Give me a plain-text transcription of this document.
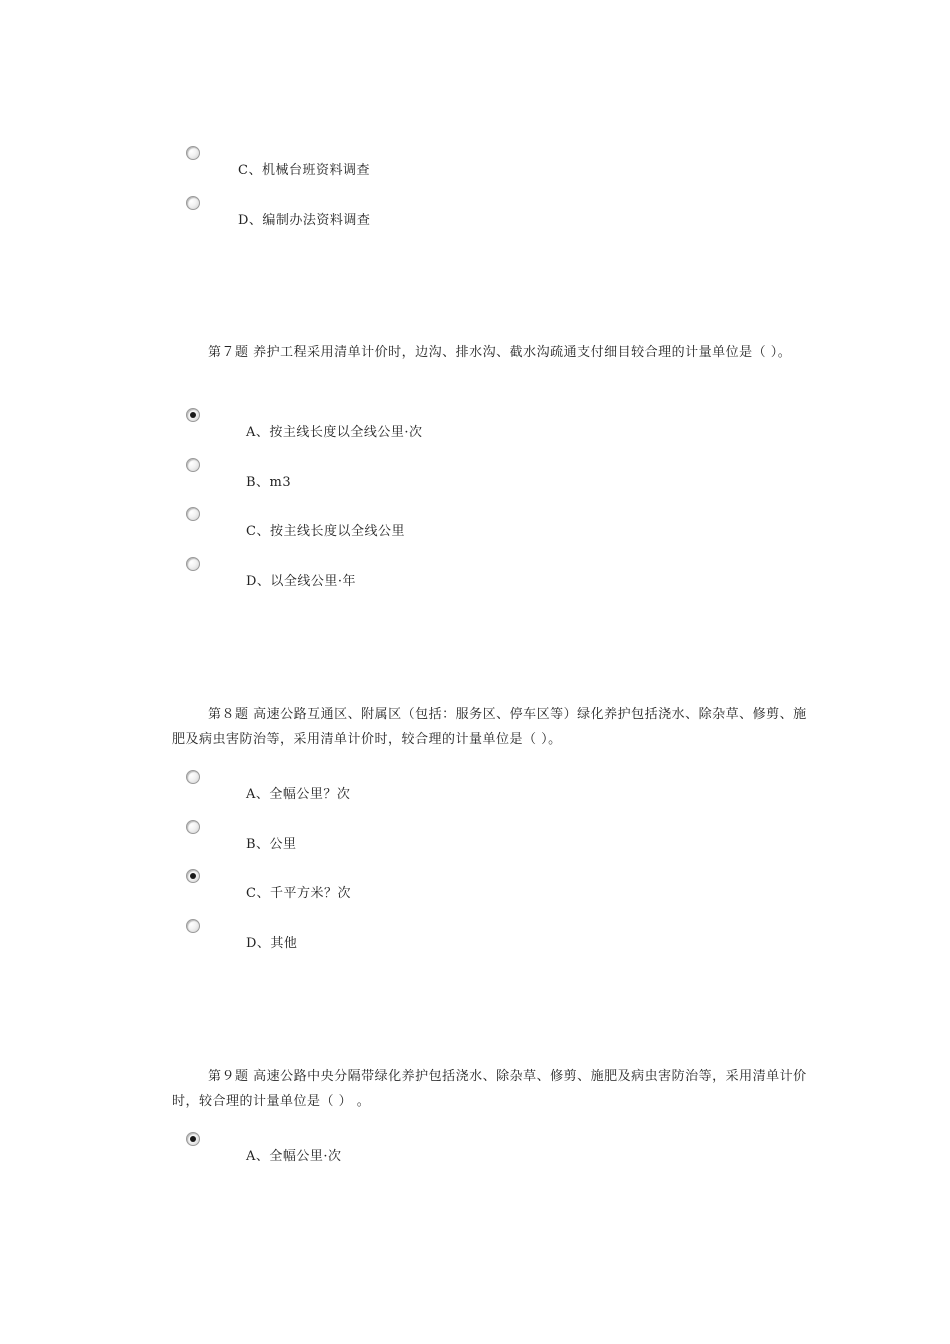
C、机械台班资料调查
D、编制办法资料调查
第７题 养护工程采用清单计价时，边沟、排水沟、截水沟疏通支付细目较合理的计量单位是（ ）。
A、按主线长度以全线公里·次
B、m3
C、按主线长度以全线公里
D、以全线公里·年
第８题 高速公路互通区、附属区（包括：服务区、停车区等）绿化养护包括浇水、除杂草、修剪、施肥及病虫害防治等，采用清单计价时，较合理的计量单位是（ ）。
A、全幅公里？次
B、公里
C、千平方米？次
D、其他
第９题 高速公路中央分隔带绿化养护包括浇水、除杂草、修剪、施肥及病虫害防治等，采用清单计价时，较合理的计量单位是（ ） 。
A、全幅公里·次
